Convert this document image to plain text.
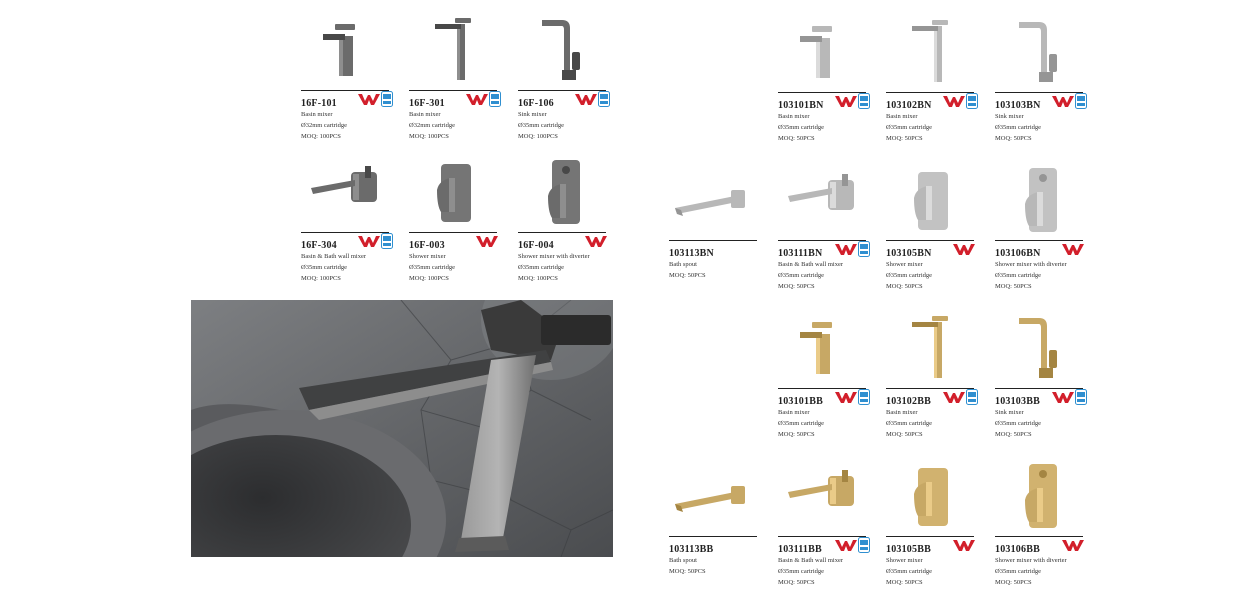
16F-101
Basin mixer
Ø32mm cartridge
MOQ: 100PCS
16F-301
Basin mixer
Ø32mm cartridge
MOQ: 100PCS
16F-106
Sink mixer
Ø35mm cartridge
MOQ: 100PCS
16F-304
Basin & Bath wall mixer
Ø35mm cartridge
MOQ: 100PCS
16F-003
Shower mixer
Ø35mm cartridge
MOQ: 100PCS
16F-004
Shower mixer with diverter
Ø35mm cartridge
MOQ: 100PCS
103101BN
Basin mixer
Ø35mm cartridge
MOQ: 50PCS
103102BN
Basin mixer
Ø35mm cartridge
MOQ: 50PCS
103103BN
Sink mixer
Ø35mm cartridge
MOQ: 50PCS
103113BN
Bath spout
MOQ: 50PCS
103111BN
Basin & Bath wall mixer
Ø35mm cartridge
MOQ: 50PCS
103105BN
Shower mixer
Ø35mm cartridge
MOQ: 50PCS
103106BN
Shower mixer with diverter
Ø35mm cartridge
MOQ: 50PCS
103101BB
Basin mixer
Ø35mm cartridge
MOQ: 50PCS
103102BB
Basin mixer
Ø35mm cartridge
MOQ: 50PCS
103103BB
Sink mixer
Ø35mm cartridge
MOQ: 50PCS
103113BB
Bath spout
MOQ: 50PCS
103111BB
Basin & Bath wall mixer
Ø35mm cartridge
MOQ: 50PCS
103105BB
Shower mixer
Ø35mm cartridge
MOQ: 50PCS
103106BB
Shower mixer with diverter
Ø35mm cartridge
MOQ: 50PCS
